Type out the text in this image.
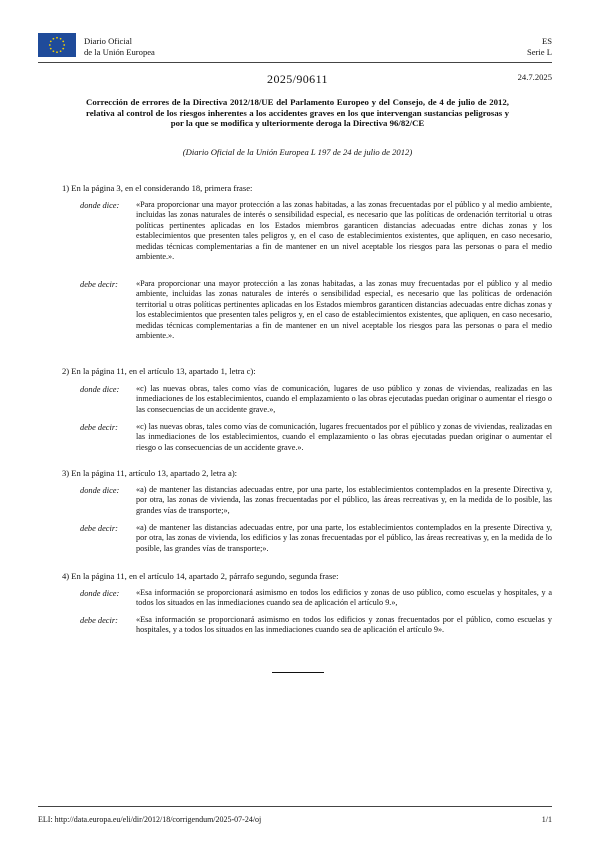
Diario Oficial
de la Unión Europea
ES
Serie L
2025/90611	24.7.2025
Corrección de errores de la Directiva 2012/18/UE del Parlamento Europeo y del Consejo, de 4 de julio de 2012, relativa al control de los riesgos inherentes a los accidentes graves en los que intervengan sustancias peligrosas y por la que se modifica y ulteriormente deroga la Directiva 96/82/CE
(Diario Oficial de la Unión Europea L 197 de 24 de julio de 2012)
1) En la página 3, en el considerando 18, primera frase:
donde dice: «Para proporcionar una mayor protección a las zonas habitadas, a las zonas frecuentadas por el público y al medio ambiente, incluidas las zonas naturales de interés o sensibilidad especial, es necesario que las políticas de ordenación territorial u otras políticas pertinentes aplicadas en los Estados miembros garanticen distancias adecuadas entre dichas zonas y los establecimientos que presenten tales peligros y, en el caso de establecimientos existentes, que apliquen, en caso necesario, medidas técnicas complementarias a fin de mantener en un nivel aceptable los riesgos para las personas o para el medio ambiente.».
debe decir: «Para proporcionar una mayor protección a las zonas habitadas, a las zonas muy frecuentadas por el público y al medio ambiente, incluidas las zonas naturales de interés o sensibilidad especial, es necesario que las políticas de ordenación territorial u otras políticas pertinentes aplicadas en los Estados miembros garanticen distancias adecuadas entre dichas zonas y los establecimientos que presenten tales peligros y, en el caso de establecimientos existentes, que apliquen, en caso necesario, medidas técnicas complementarias a fin de mantener en un nivel aceptable los riesgos para las personas o para el medio ambiente.».
2) En la página 11, en el artículo 13, apartado 1, letra c):
donde dice: «c) las nuevas obras, tales como vías de comunicación, lugares de uso público y zonas de viviendas, realizadas en las inmediaciones de los establecimientos, cuando el emplazamiento o las obras ejecutadas puedan originar o aumentar el riesgo o las consecuencias de un accidente grave.»,
debe decir: «c) las nuevas obras, tales como vías de comunicación, lugares frecuentados por el público y zonas de viviendas, realizadas en las inmediaciones de los establecimientos, cuando el emplazamiento o las obras ejecutadas puedan originar o aumentar el riesgo o las consecuencias de un accidente grave.».
3) En la página 11, artículo 13, apartado 2, letra a):
donde dice: «a) de mantener las distancias adecuadas entre, por una parte, los establecimientos contemplados en la presente Directiva y, por otra, las zonas de vivienda, las zonas frecuentadas por el público, las áreas recreativas y, en la medida de lo posible, las grandes vías de transporte;»,
debe decir: «a) de mantener las distancias adecuadas entre, por una parte, los establecimientos contemplados en la presente Directiva y, por otra, las zonas de vivienda, los edificios y las zonas frecuentadas por el público, las áreas recreativas y, en la medida de lo posible, las grandes vías de transporte;».
4) En la página 11, en el artículo 14, apartado 2, párrafo segundo, segunda frase:
donde dice: «Esa información se proporcionará asimismo en todos los edificios y zonas de uso público, como escuelas y hospitales, y a todos los situados en las inmediaciones cuando sea de aplicación el artículo 9.»,
debe decir: «Esa información se proporcionará asimismo en todos los edificios y zonas frecuentados por el público, como escuelas y hospitales, y a todos los situados en las inmediaciones cuando sea de aplicación el artículo 9».
ELI: http://data.europa.eu/eli/dir/2012/18/corrigendum/2025-07-24/oj	1/1
